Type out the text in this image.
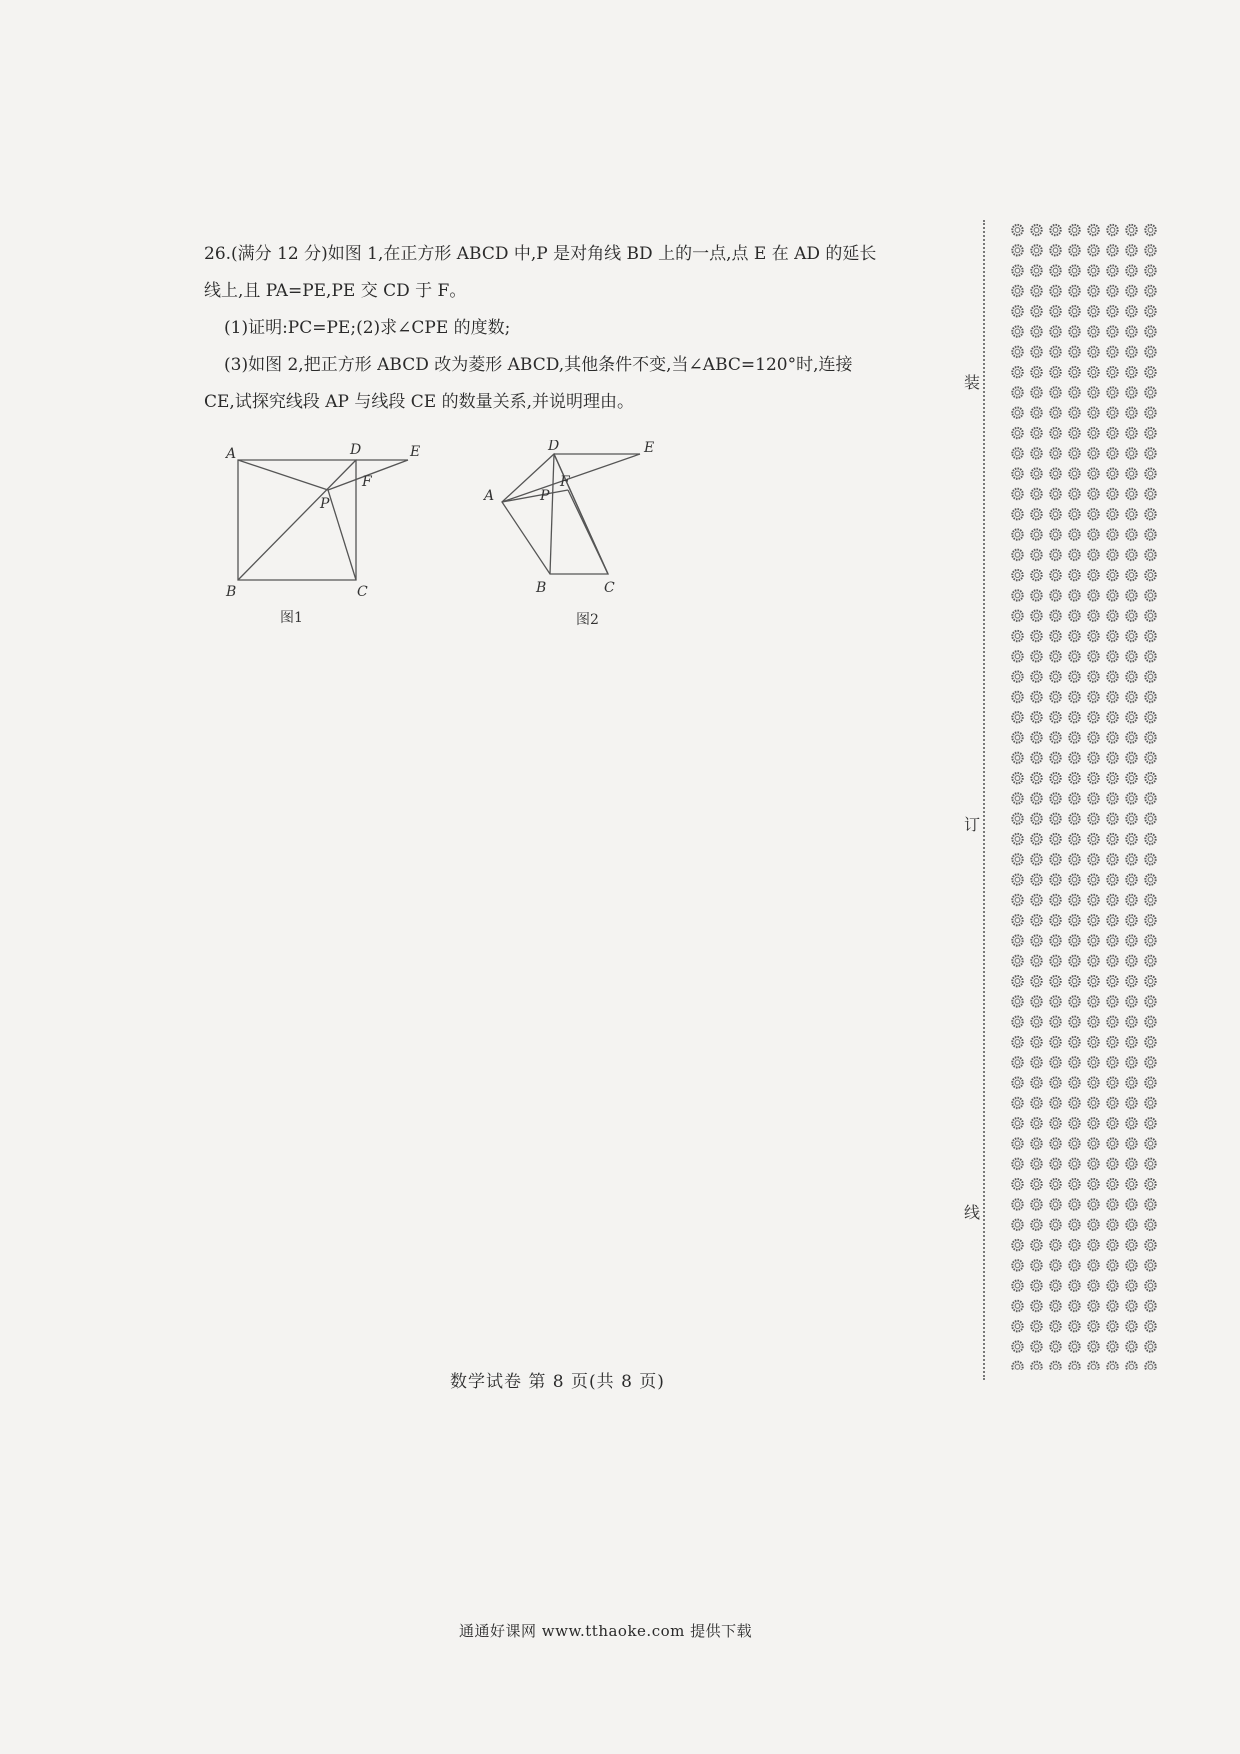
26.(满分 12 分)如图 1,在正方形 ABCD 中,P 是对角线 BD 上的一点,点 E 在 AD 的延长

线上,且 PA=PE,PE 交 CD 于 F。

(1)证明:PC=PE;(2)求∠CPE 的度数;

(3)如图 2,把正方形 ABCD 改为菱形 ABCD,其他条件不变,当∠ABC=120°时,连接

CE,试探究线段 AP 与线段 CE 的数量关系,并说明理由。

A	D	E
F
P
B	C
图1
A
D	E
F
P
B	C
图2
数学试卷 第 8 页(共 8 页)
通通好课网 www.tthaoke.com 提供下载
装
订
线
